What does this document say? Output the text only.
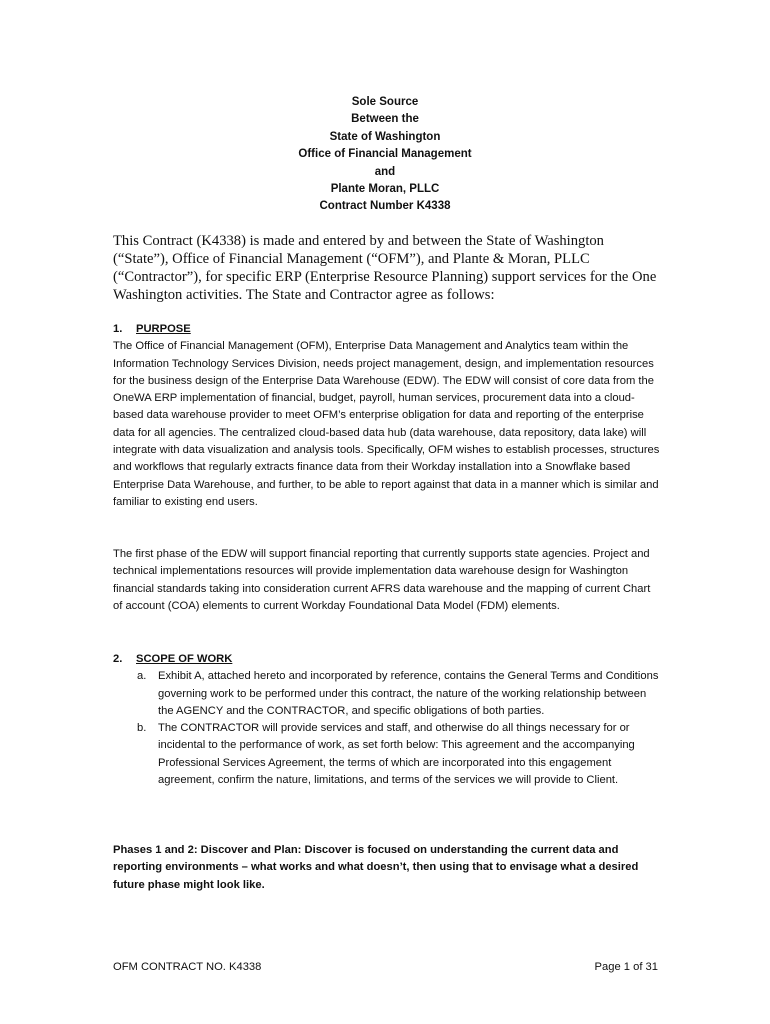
Sole Source
Between the
State of Washington
Office of Financial Management
and
Plante Moran, PLLC
Contract Number K4338
This Contract (K4338) is made and entered by and between the State of Washington (“State”), Office of Financial Management (“OFM”), and Plante & Moran, PLLC (“Contractor”), for specific ERP (Enterprise Resource Planning) support services for the One Washington activities. The State and Contractor agree as follows:
1. PURPOSE
The Office of Financial Management (OFM), Enterprise Data Management and Analytics team within the Information Technology Services Division, needs project management, design, and implementation resources for the business design of the Enterprise Data Warehouse (EDW). The EDW will consist of core data from the OneWA ERP implementation of financial, budget, payroll, human services, procurement data into a cloud-based data warehouse provider to meet OFM’s enterprise obligation for data and reporting of the enterprise data for all agencies. The centralized cloud-based data hub (data warehouse, data repository, data lake) will integrate with data visualization and analysis tools. Specifically, OFM wishes to establish processes, structures and workflows that regularly extracts finance data from their Workday installation into a Snowflake based Enterprise Data Warehouse, and further, to be able to report against that data in a manner which is similar and familiar to existing end users.
The first phase of the EDW will support financial reporting that currently supports state agencies. Project and technical implementations resources will provide implementation data warehouse design for Washington financial standards taking into consideration current AFRS data warehouse and the mapping of current Chart of account (COA) elements to current Workday Foundational Data Model (FDM) elements.
2. SCOPE OF WORK
a. Exhibit A, attached hereto and incorporated by reference, contains the General Terms and Conditions governing work to be performed under this contract, the nature of the working relationship between the AGENCY and the CONTRACTOR, and specific obligations of both parties.
b. The CONTRACTOR will provide services and staff, and otherwise do all things necessary for or incidental to the performance of work, as set forth below: This agreement and the accompanying Professional Services Agreement, the terms of which are incorporated into this engagement agreement, confirm the nature, limitations, and terms of the services we will provide to Client.
Phases 1 and 2: Discover and Plan: Discover is focused on understanding the current data and reporting environments – what works and what doesn’t, then using that to envisage what a desired future phase might look like.
OFM CONTRACT NO. K4338	Page 1 of 31
